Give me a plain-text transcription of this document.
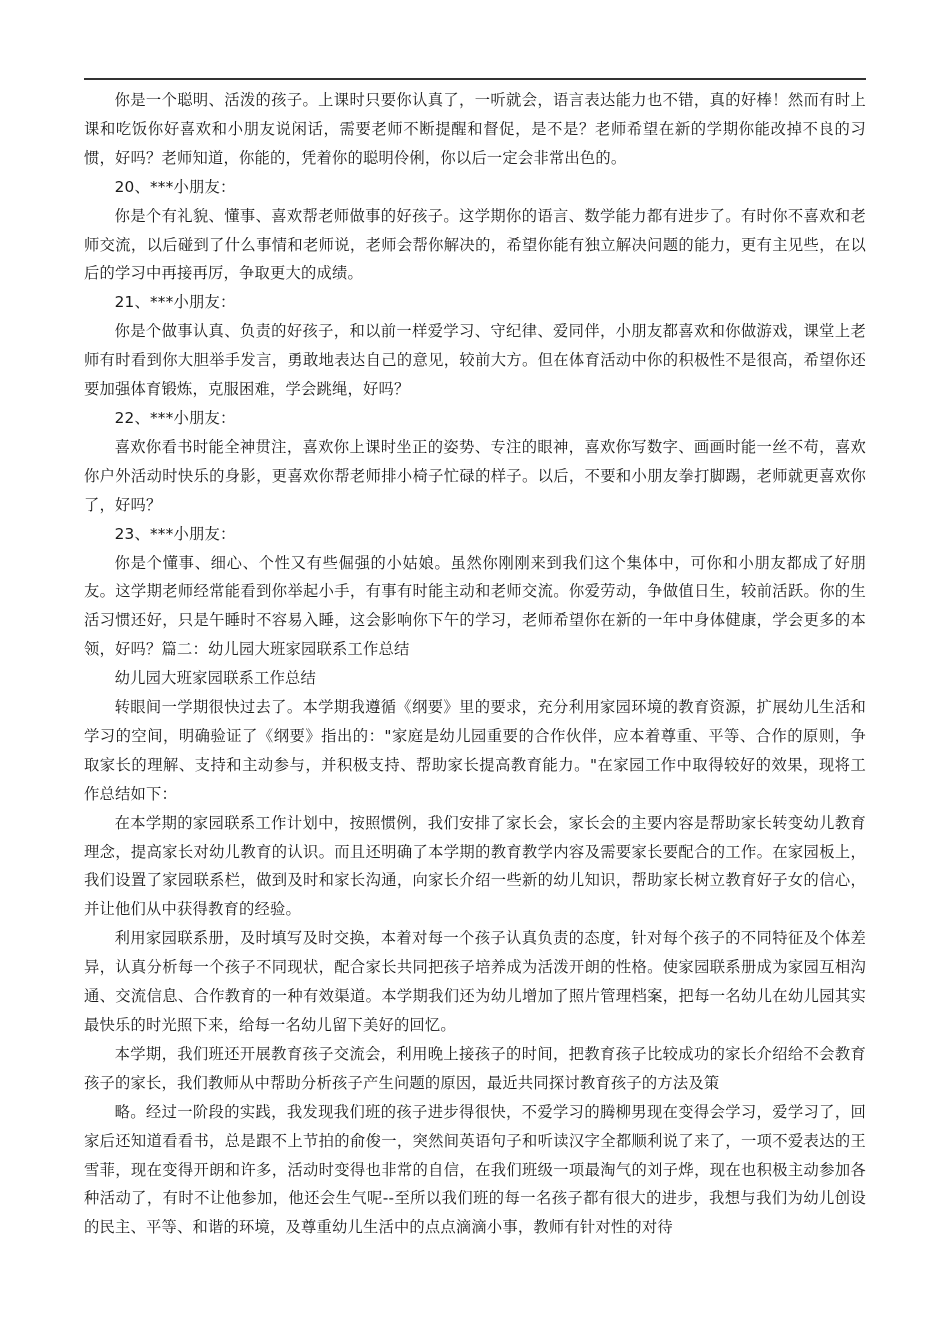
你是一个聪明、活泼的孩子。上课时只要你认真了，一听就会，语言表达能力也不错，真的好棒！然而有时上课和吃饭你好喜欢和小朋友说闲话，需要老师不断提醒和督促，是不是？老师希望在新的学期你能改掉不良的习惯，好吗？老师知道，你能的，凭着你的聪明伶俐，你以后一定会非常出色的。

20、***小朋友：

你是个有礼貌、懂事、喜欢帮老师做事的好孩子。这学期你的语言、数学能力都有进步了。有时你不喜欢和老师交流，以后碰到了什么事情和老师说，老师会帮你解决的，希望你能有独立解决问题的能力，更有主见些，在以后的学习中再接再厉，争取更大的成绩。

21、***小朋友：

你是个做事认真、负责的好孩子，和以前一样爱学习、守纪律、爱同伴，小朋友都喜欢和你做游戏，课堂上老师有时看到你大胆举手发言，勇敢地表达自己的意见，较前大方。但在体育活动中你的积极性不是很高，希望你还要加强体育锻炼，克服困难，学会跳绳，好吗？

22、***小朋友：

喜欢你看书时能全神贯注，喜欢你上课时坐正的姿势、专注的眼神，喜欢你写数字、画画时能一丝不苟，喜欢你户外活动时快乐的身影，更喜欢你帮老师排小椅子忙碌的样子。以后，不要和小朋友拳打脚踢，老师就更喜欢你了，好吗？

23、***小朋友：

你是个懂事、细心、个性又有些倔强的小姑娘。虽然你刚刚来到我们这个集体中，可你和小朋友都成了好朋友。这学期老师经常能看到你举起小手，有事有时能主动和老师交流。你爱劳动，争做值日生，较前活跃。你的生活习惯还好，只是午睡时不容易入睡，这会影响你下午的学习，老师希望你在新的一年中身体健康，学会更多的本领，好吗？篇二：幼儿园大班家园联系工作总结

幼儿园大班家园联系工作总结

转眼间一学期很快过去了。本学期我遵循《纲要》里的要求，充分利用家园环境的教育资源，扩展幼儿生活和学习的空间，明确验证了《纲要》指出的："家庭是幼儿园重要的合作伙伴，应本着尊重、平等、合作的原则，争取家长的理解、支持和主动参与，并积极支持、帮助家长提高教育能力。"在家园工作中取得较好的效果，现将工作总结如下：

在本学期的家园联系工作计划中，按照惯例，我们安排了家长会，家长会的主要内容是帮助家长转变幼儿教育理念，提高家长对幼儿教育的认识。而且还明确了本学期的教育教学内容及需要家长要配合的工作。在家园板上，我们设置了家园联系栏，做到及时和家长沟通，向家长介绍一些新的幼儿知识，帮助家长树立教育好子女的信心，并让他们从中获得教育的经验。

利用家园联系册，及时填写及时交换，本着对每一个孩子认真负责的态度，针对每个孩子的不同特征及个体差异，认真分析每一个孩子不同现状，配合家长共同把孩子培养成为活泼开朗的性格。使家园联系册成为家园互相沟通、交流信息、合作教育的一种有效渠道。本学期我们还为幼儿增加了照片管理档案，把每一名幼儿在幼儿园其实最快乐的时光照下来，给每一名幼儿留下美好的回忆。

本学期，我们班还开展教育孩子交流会，利用晚上接孩子的时间，把教育孩子比较成功的家长介绍给不会教育孩子的家长，我们教师从中帮助分析孩子产生问题的原因，最近共同探讨教育孩子的方法及策

略。经过一阶段的实践，我发现我们班的孩子进步得很快，不爱学习的腾柳男现在变得会学习，爱学习了，回家后还知道看看书，总是跟不上节拍的俞俊一，突然间英语句子和听读汉字全都顺利说了来了，一项不爱表达的王雪菲，现在变得开朗和许多，活动时变得也非常的自信，在我们班级一项最淘气的刘子烨，现在也积极主动参加各种活动了，有时不让他参加，他还会生气呢--至所以我们班的每一名孩子都有很大的进步，我想与我们为幼儿创设的民主、平等、和谐的环境，及尊重幼儿生活中的点点滴滴小事，教师有针对性的对待
